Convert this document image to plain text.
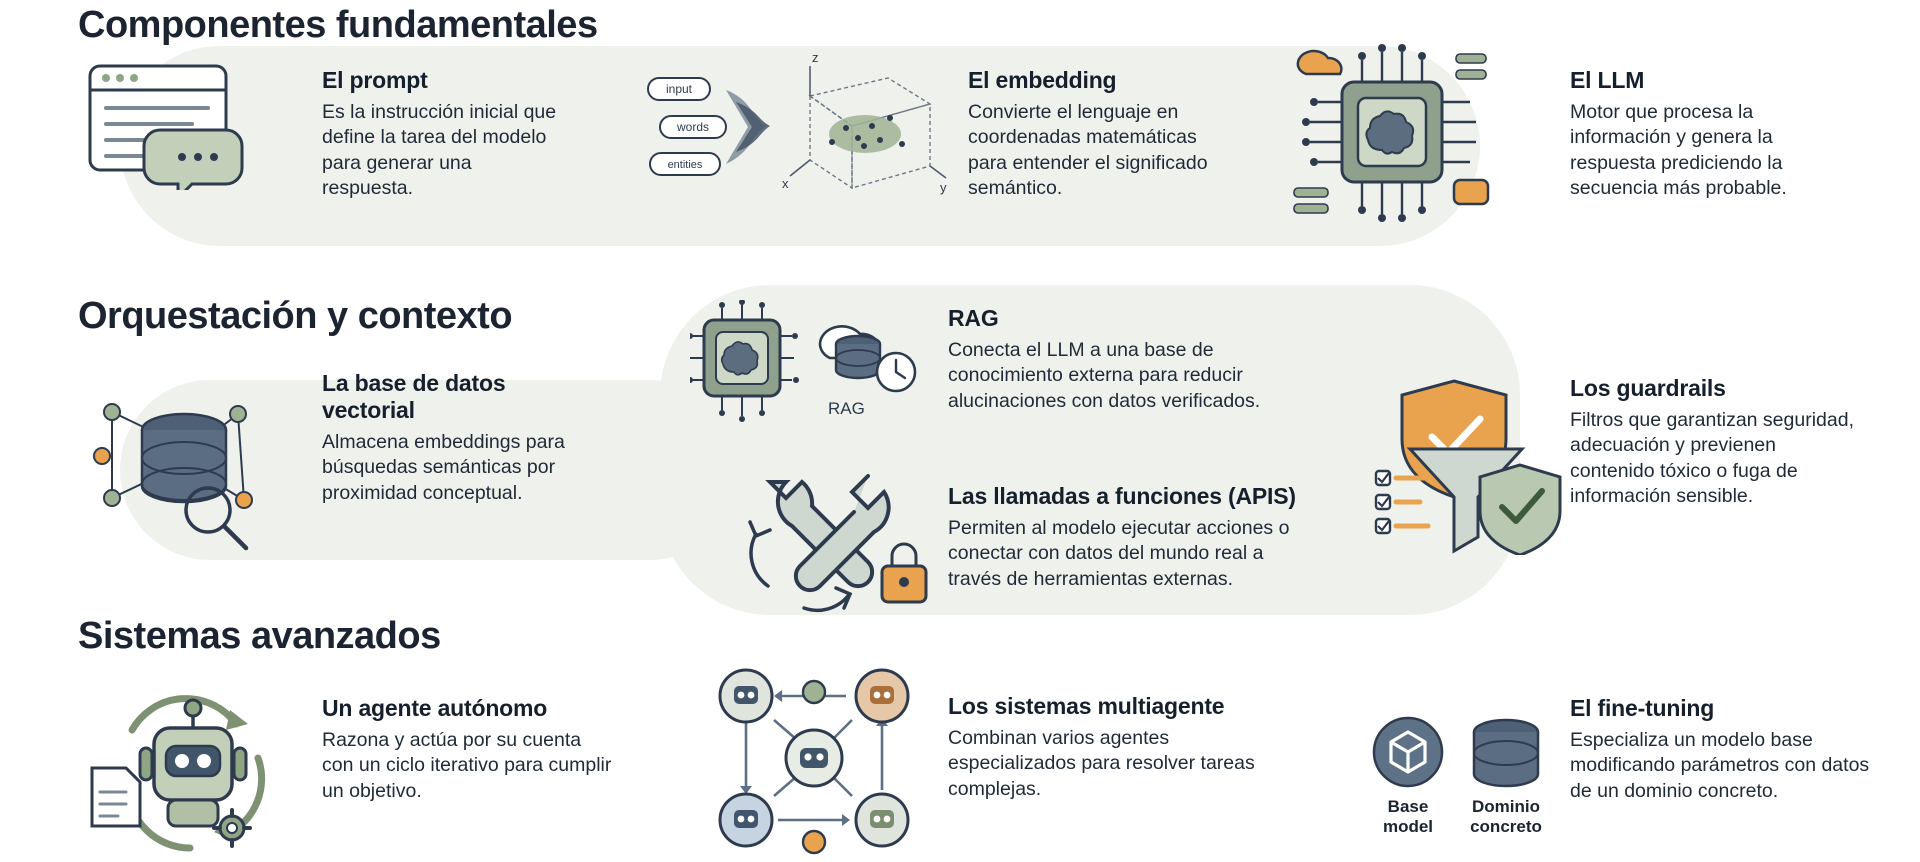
Componentes fundamentales
El prompt

Es la instrucción inicial que define la tarea del modelo para generar una respuesta.

input
words
entities
z
x	y
El embedding

Convierte el lenguaje en coordenadas matemáticas para entender el significado semántico.

El LLM

Motor que procesa la información y genera la respuesta prediciendo la secuencia más probable.

Orquestación y contexto
La base de datos vectorial

Almacena embeddings para búsquedas semánticas por proximidad conceptual.

RAG
RAG

Conecta el LLM a una base de conocimiento externa para reducir alucinaciones con datos verificados.

Las llamadas a funciones (APIS)

Permiten al modelo ejecutar acciones o conectar con datos del mundo real a través de herramientas externas.

Los guardrails

Filtros que garantizan seguridad, adecuación y previenen contenido tóxico o fuga de información sensible.

Sistemas avanzados
Un agente autónomo

Razona y actúa por su cuenta con un ciclo iterativo para cumplir un objetivo.

Los sistemas multiagente

Combinan varios agentes especializados para resolver tareas complejas.

Base
model
Dominio
concreto
El fine-tuning

Especializa un modelo base modificando parámetros con datos de un dominio concreto.
